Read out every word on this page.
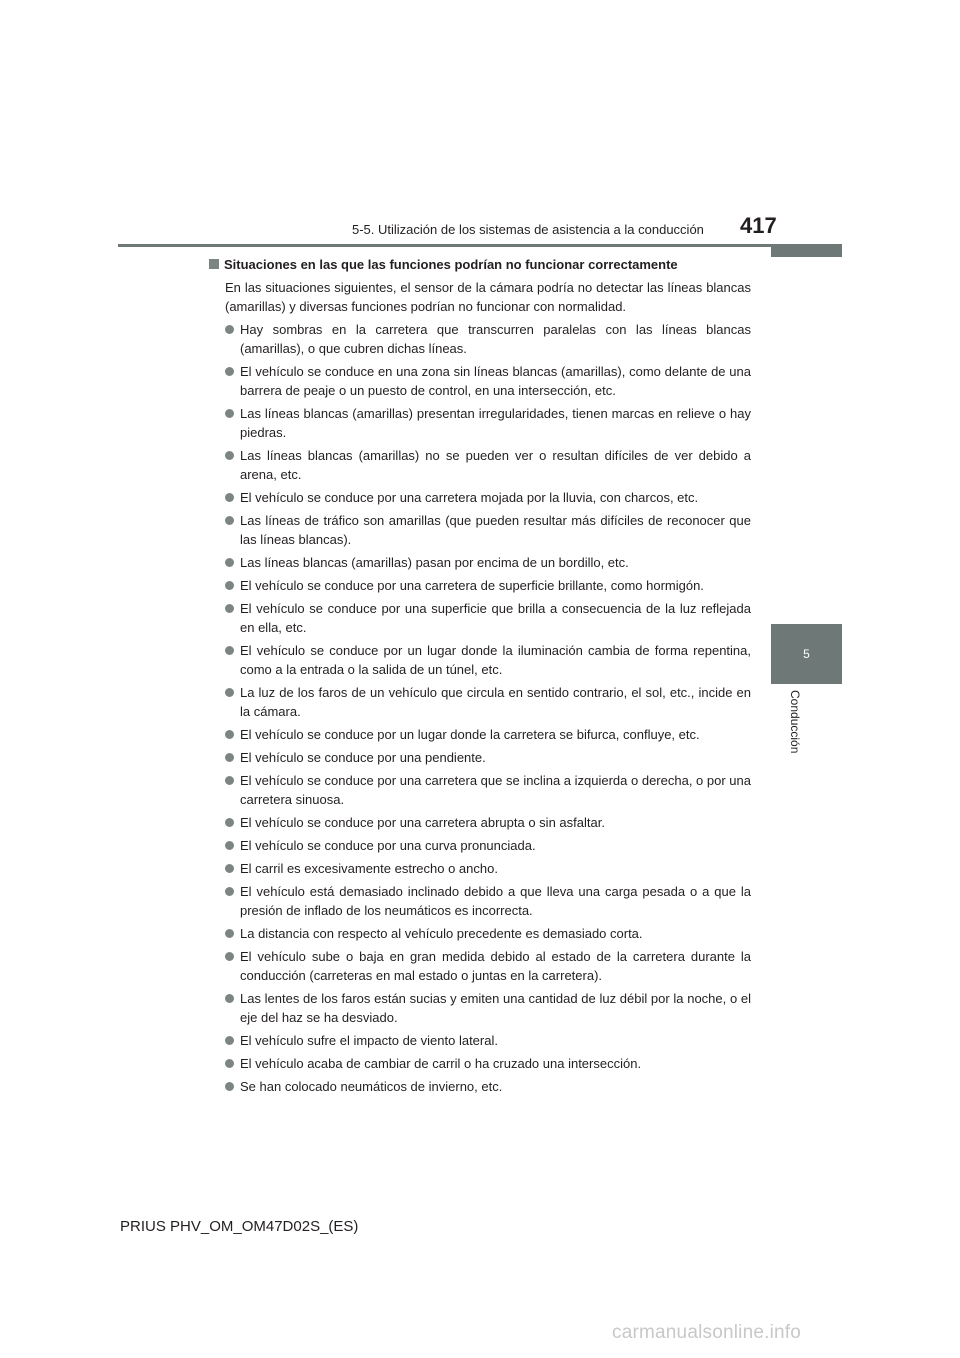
5-5. Utilización de los sistemas de asistencia a la conducción 417
5
Conducción
Situaciones en las que las funciones podrían no funcionar correctamente

En las situaciones siguientes, el sensor de la cámara podría no detectar las líneas blancas (amarillas) y diversas funciones podrían no funcionar con normalidad.

Hay sombras en la carretera que transcurren paralelas con las líneas blancas (amarillas), o que cubren dichas líneas.
El vehículo se conduce en una zona sin líneas blancas (amarillas), como delante de una barrera de peaje o un puesto de control, en una intersección, etc.
Las líneas blancas (amarillas) presentan irregularidades, tienen marcas en relieve o hay piedras.
Las líneas blancas (amarillas) no se pueden ver o resultan difíciles de ver debido a arena, etc.
El vehículo se conduce por una carretera mojada por la lluvia, con charcos, etc.
Las líneas de tráfico son amarillas (que pueden resultar más difíciles de reconocer que las líneas blancas).
Las líneas blancas (amarillas) pasan por encima de un bordillo, etc.
El vehículo se conduce por una carretera de superficie brillante, como hormigón.
El vehículo se conduce por una superficie que brilla a consecuencia de la luz reflejada en ella, etc.
El vehículo se conduce por un lugar donde la iluminación cambia de forma repentina, como a la entrada o la salida de un túnel, etc.
La luz de los faros de un vehículo que circula en sentido contrario, el sol, etc., incide en la cámara.
El vehículo se conduce por un lugar donde la carretera se bifurca, confluye, etc.
El vehículo se conduce por una pendiente.
El vehículo se conduce por una carretera que se inclina a izquierda o derecha, o por una carretera sinuosa.
El vehículo se conduce por una carretera abrupta o sin asfaltar.
El vehículo se conduce por una curva pronunciada.
El carril es excesivamente estrecho o ancho.
El vehículo está demasiado inclinado debido a que lleva una carga pesada o a que la presión de inflado de los neumáticos es incorrecta.
La distancia con respecto al vehículo precedente es demasiado corta.
El vehículo sube o baja en gran medida debido al estado de la carretera durante la conducción (carreteras en mal estado o juntas en la carretera).
Las lentes de los faros están sucias y emiten una cantidad de luz débil por la noche, o el eje del haz se ha desviado.
El vehículo sufre el impacto de viento lateral.
El vehículo acaba de cambiar de carril o ha cruzado una intersección.
Se han colocado neumáticos de invierno, etc.
PRIUS PHV_OM_OM47D02S_(ES)
carmanualsonline.info
